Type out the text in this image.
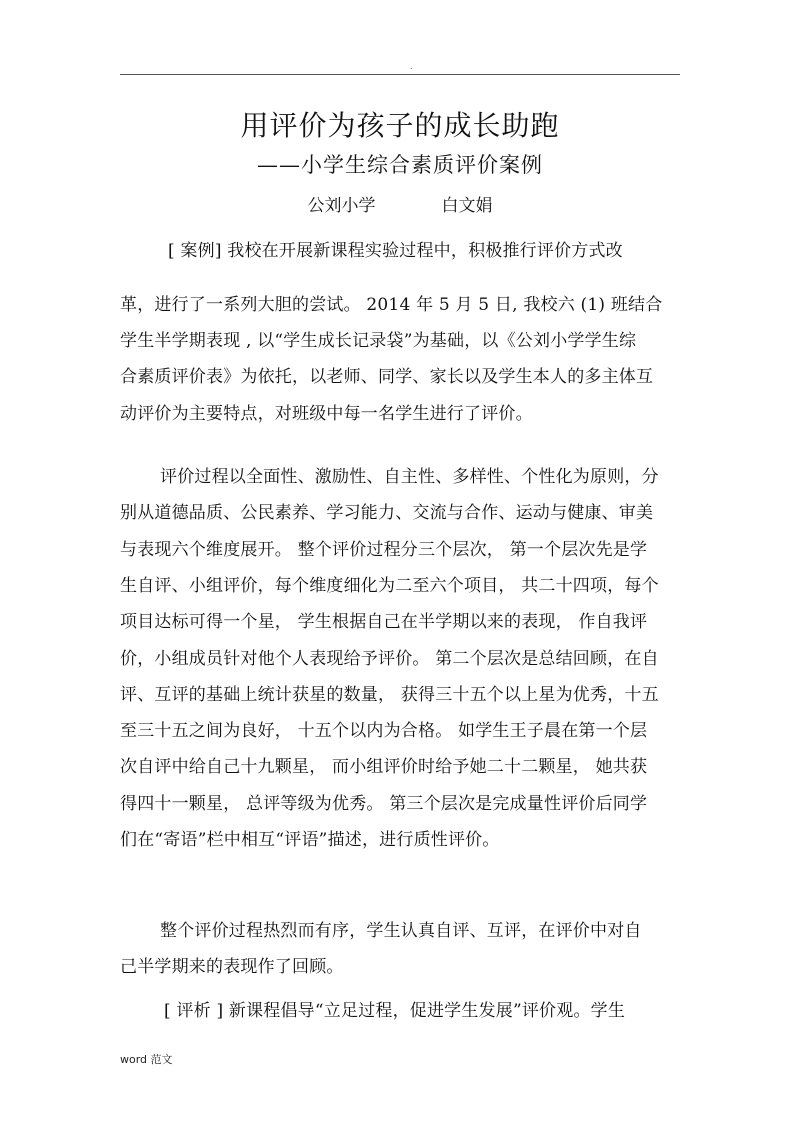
.
用评价为孩子的成长助跑
——小学生综合素质评价案例
公刘小学	白文娟
[ 案例] 我校在开展新课程实验过程中，积极推行评价方式改
革，进行了一系列大胆的尝试。 2014 年 5 月 5 日, 我校六 (1) 班结合
学生半学期表现 , 以“学生成长记录袋”为基础，以《公刘小学学生综
合素质评价表》为依托，以老师、同学、家长以及学生本人的多主体互
动评价为主要特点，对班级中每一名学生进行了评价。
评价过程以全面性、激励性、自主性、多样性、个性化为原则，分
别从道德品质、公民素养、学习能力、交流与合作、运动与健康、审美
与表现六个维度展开。 整个评价过程分三个层次， 第一个层次先是学
生自评、小组评价，每个维度细化为二至六个项目， 共二十四项，每个
项目达标可得一个星， 学生根据自己在半学期以来的表现， 作自我评
价，小组成员针对他个人表现给予评价。 第二个层次是总结回顾，在自
评、互评的基础上统计获星的数量， 获得三十五个以上星为优秀，十五
至三十五之间为良好， 十五个以内为合格。 如学生王子晨在第一个层
次自评中给自己十九颗星， 而小组评价时给予她二十二颗星， 她共获
得四十一颗星， 总评等级为优秀。 第三个层次是完成量性评价后同学
们在“寄语”栏中相互“评语”描述，进行质性评价。
整个评价过程热烈而有序，学生认真自评、互评，在评价中对自
己半学期来的表现作了回顾。
[ 评析 ] 新课程倡导“立足过程，促进学生发展”评价观。学生
word 范文
